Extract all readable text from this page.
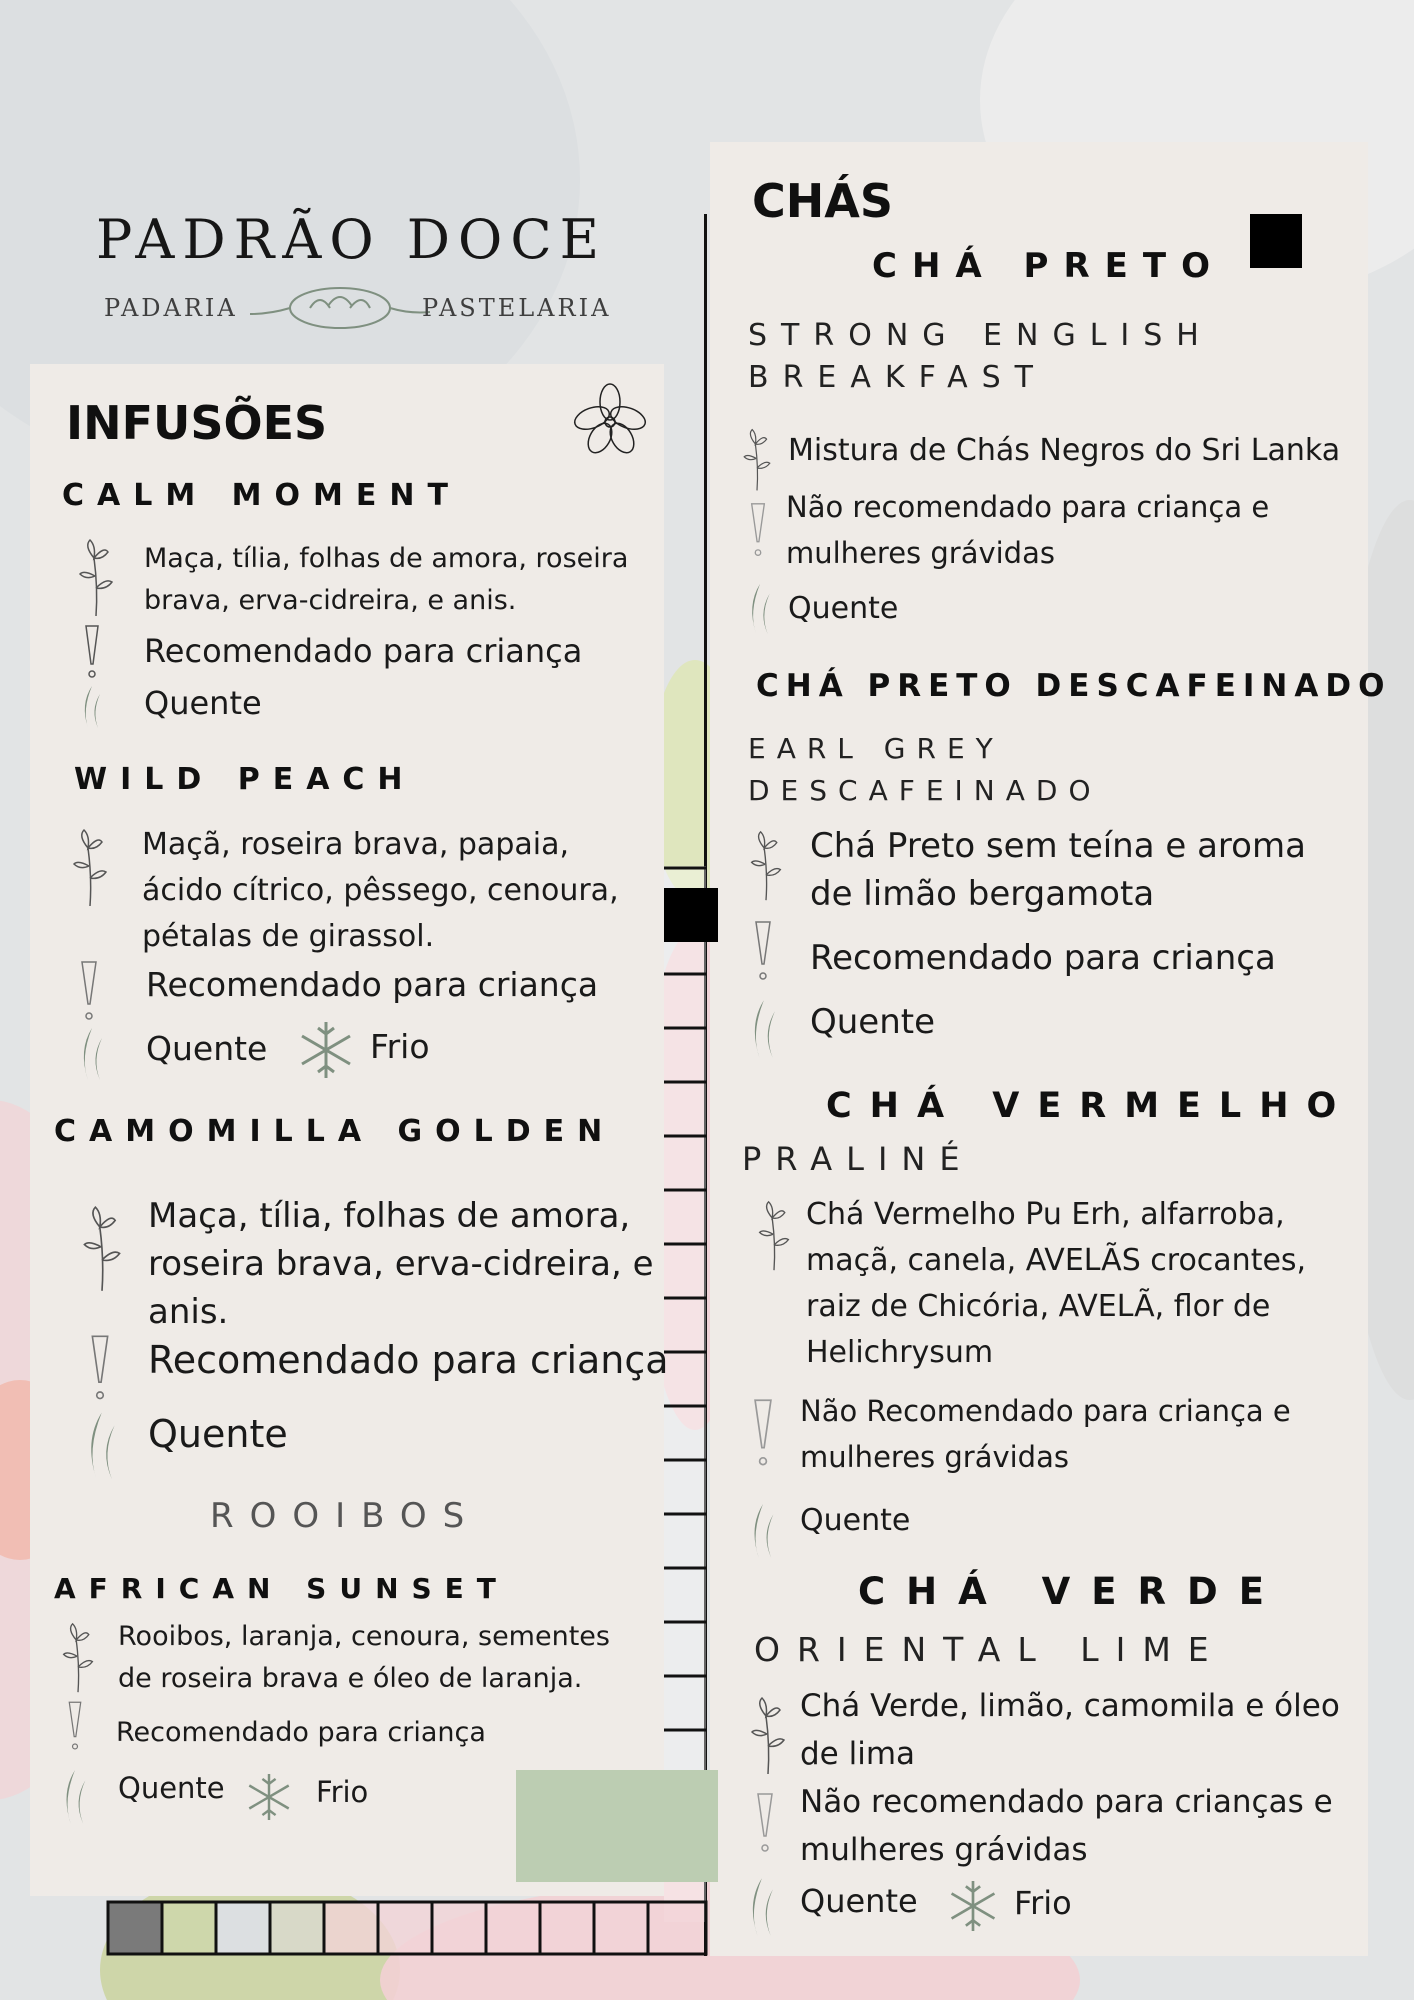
PADRÃO DOCE
PADARIA	PASTELARIA
INFUSÕES
CALM MOMENT
Maça, tília, folhas de amora, roseira
brava, erva-cidreira, e anis.
Recomendado para criança
Quente
WILD PEACH
Maçã, roseira brava, papaia,
ácido cítrico, pêssego, cenoura,
pétalas de girassol.
Recomendado para criança
Quente	Frio
CAMOMILLA GOLDEN
Maça, tília, folhas de amora,
roseira brava, erva-cidreira, e
anis.
Recomendado para criança
Quente
ROOIBOS
AFRICAN SUNSET
Rooibos, laranja, cenoura, sementes
de roseira brava e óleo de laranja.
Recomendado para criança
Quente	Frio
CHÁS
CHÁ PRETO
STRONG ENGLISH
BREAKFAST
Mistura de Chás Negros do Sri Lanka
Não recomendado para criança e
mulheres grávidas
Quente
CHÁ PRETO DESCAFEINADO
EARL GREY
DESCAFEINADO
Chá Preto sem teína e aroma
de limão bergamota
Recomendado para criança
Quente
CHÁ VERMELHO
PRALINÉ
Chá Vermelho Pu Erh, alfarroba,
maçã, canela, AVELÃS crocantes,
raiz de Chicória, AVELÃ, flor de
Helichrysum
Não Recomendado para criança e
mulheres grávidas
Quente
CHÁ VERDE
ORIENTAL LIME
Chá Verde, limão, camomila e óleo
de lima
Não recomendado para crianças e
mulheres grávidas
Quente	Frio
